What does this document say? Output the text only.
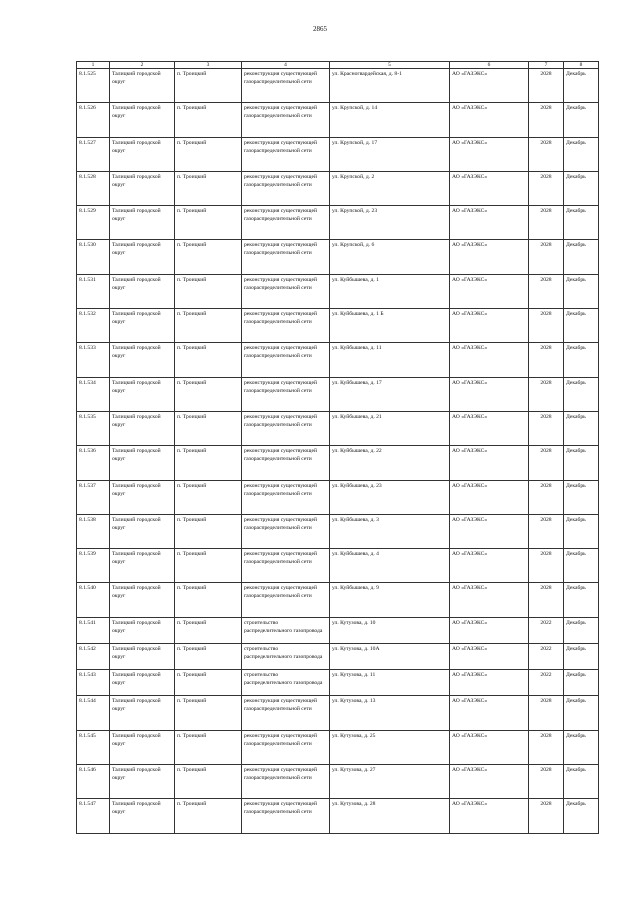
2865
1	2	3	4	5	6	7	8
8.1.525	Талицкий городской округ	п. Троицкий	реконструкция существующей газораспределительной сети	ул. Красногвардейская, д. 8-1	АО «ГАЗЭКС»	2028	Декабрь
8.1.526	Талицкий городской округ	п. Троицкий	реконструкция существующей газораспределительной сети	ул. Крупской, д. 14	АО «ГАЗЭКС»	2028	Декабрь
8.1.527	Талицкий городской округ	п. Троицкий	реконструкция существующей газораспределительной сети	ул. Крупской, д. 17	АО «ГАЗЭКС»	2028	Декабрь
8.1.528	Талицкий городской округ	п. Троицкий	реконструкция существующей газораспределительной сети	ул. Крупской, д. 2	АО «ГАЗЭКС»	2028	Декабрь
8.1.529	Талицкий городской округ	п. Троицкий	реконструкция существующей газораспределительной сети	ул. Крупской, д. 23	АО «ГАЗЭКС»	2028	Декабрь
8.1.530	Талицкий городской округ	п. Троицкий	реконструкция существующей газораспределительной сети	ул. Крупской, д. 6	АО «ГАЗЭКС»	2028	Декабрь
8.1.531	Талицкий городской округ	п. Троицкий	реконструкция существующей газораспределительной сети	ул. Куйбышева, д. 1	АО «ГАЗЭКС»	2028	Декабрь
8.1.532	Талицкий городской округ	п. Троицкий	реконструкция существующей газораспределительной сети	ул. Куйбышева, д. 1 Б	АО «ГАЗЭКС»	2028	Декабрь
8.1.533	Талицкий городской округ	п. Троицкий	реконструкция существующей газораспределительной сети	ул. Куйбышева, д. 11	АО «ГАЗЭКС»	2028	Декабрь
8.1.534	Талицкий городской округ	п. Троицкий	реконструкция существующей газораспределительной сети	ул. Куйбышева, д. 17	АО «ГАЗЭКС»	2028	Декабрь
8.1.535	Талицкий городской округ	п. Троицкий	реконструкция существующей газораспределительной сети	ул. Куйбышева, д. 21	АО «ГАЗЭКС»	2028	Декабрь
8.1.536	Талицкий городской округ	п. Троицкий	реконструкция существующей газораспределительной сети	ул. Куйбышева, д. 22	АО «ГАЗЭКС»	2028	Декабрь
8.1.537	Талицкий городской округ	п. Троицкий	реконструкция существующей газораспределительной сети	ул. Куйбышева, д. 23	АО «ГАЗЭКС»	2028	Декабрь
8.1.538	Талицкий городской округ	п. Троицкий	реконструкция существующей газораспределительной сети	ул. Куйбышева, д. 3	АО «ГАЗЭКС»	2028	Декабрь
8.1.539	Талицкий городской округ	п. Троицкий	реконструкция существующей газораспределительной сети	ул. Куйбышева, д. 4	АО «ГАЗЭКС»	2028	Декабрь
8.1.540	Талицкий городской округ	п. Троицкий	реконструкция существующей газораспределительной сети	ул. Куйбышева, д. 9	АО «ГАЗЭКС»	2028	Декабрь
8.1.541	Талицкий городской округ	п. Троицкий	строительство распределительного газопровода	ул. Кутузова, д. 10	АО «ГАЗЭКС»	2022	Декабрь
8.1.542	Талицкий городской округ	п. Троицкий	строительство распределительного газопровода	ул. Кутузова, д. 10А	АО «ГАЗЭКС»	2022	Декабрь
8.1.543	Талицкий городской округ	п. Троицкий	строительство распределительного газопровода	ул. Кутузова, д. 11	АО «ГАЗЭКС»	2022	Декабрь
8.1.544	Талицкий городской округ	п. Троицкий	реконструкция существующей газораспределительной сети	ул. Кутузова, д. 13	АО «ГАЗЭКС»	2028	Декабрь
8.1.545	Талицкий городской округ	п. Троицкий	реконструкция существующей газораспределительной сети	ул. Кутузова, д. 25	АО «ГАЗЭКС»	2028	Декабрь
8.1.546	Талицкий городской округ	п. Троицкий	реконструкция существующей газораспределительной сети	ул. Кутузова, д. 27	АО «ГАЗЭКС»	2028	Декабрь
8.1.547	Талицкий городской округ	п. Троицкий	реконструкция существующей газораспределительной сети	ул. Кутузова, д. 28	АО «ГАЗЭКС»	2028	Декабрь
